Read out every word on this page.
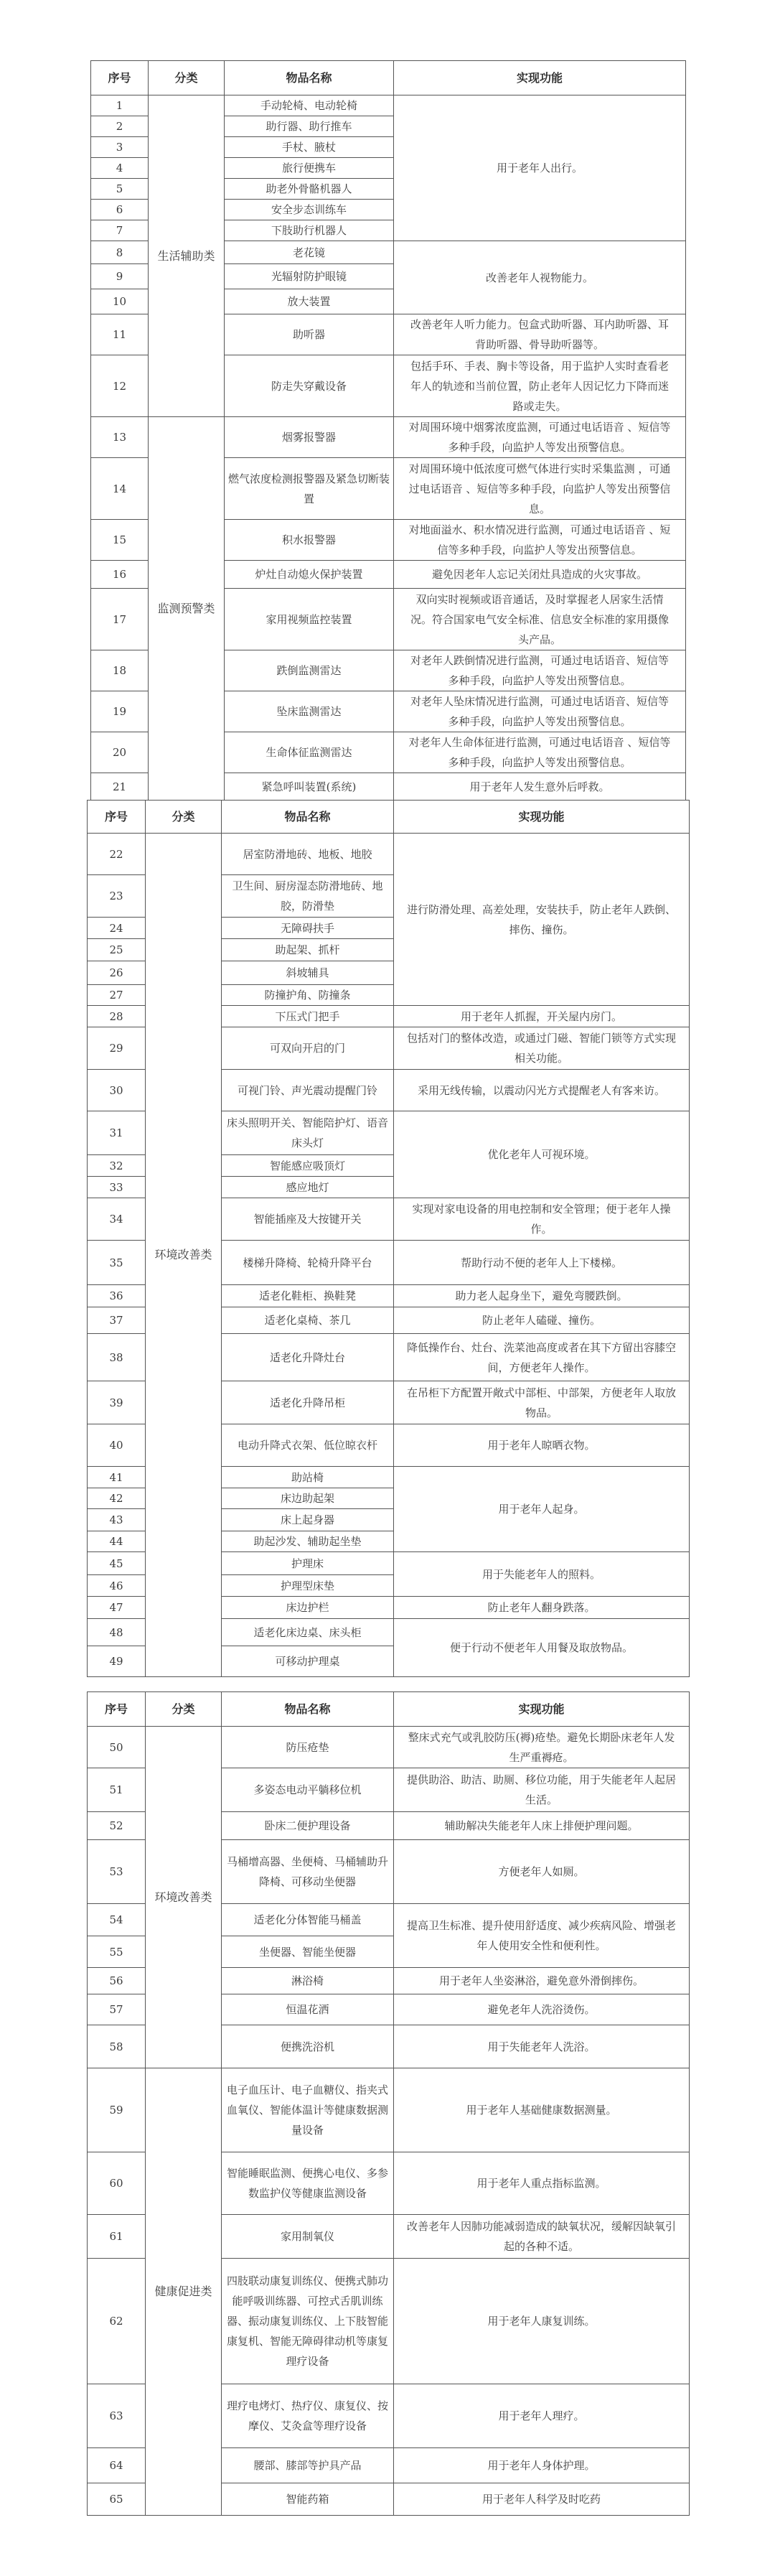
序号	分类	物品名称	实现功能
1	生活辅助类	手动轮椅、电动轮椅	用于老年人出行。
2		助行器、助行推车	
3		手杖、腋杖	
4		旅行便携车	
5		助老外骨骼机器人	
6		安全步态训练车	
7		下肢助行机器人	
8		老花镜	改善老年人视物能力。
9		光辐射防护眼镜	
10		放大装置	
11		助听器	改善老年人听力能力。包盒式助听器、耳内助听器、耳背助听器、骨导助听器等。
12		防走失穿戴设备	包括手环、手表、胸卡等设备，用于监护人实时查看老年人的轨迹和当前位置，防止老年人因记忆力下降而迷路或走失。
13	监测预警类	烟雾报警器	对周围环境中烟雾浓度监测，可通过电话语音 、短信等多种手段，向监护人等发出预警信息。
14		燃气浓度检测报警器及紧急切断装置	对周围环境中低浓度可燃气体进行实时采集监测 ，可通过电话语音 、短信等多种手段，向监护人等发出预警信息。
15		积水报警器	对地面溢水、积水情况进行监测，可通过电话语音 、短信等多种手段，向监护人等发出预警信息。
16		炉灶自动熄火保护装置	避免因老年人忘记关闭灶具造成的火灾事故。
17		家用视频监控装置	双向实时视频或语音通话，及时掌握老人居家生活情况。符合国家电气安全标准、信息安全标准的家用摄像头产品。
18		跌倒监测雷达	对老年人跌倒情况进行监测，可通过电话语音、短信等多种手段，向监护人等发出预警信息。
19		坠床监测雷达	对老年人坠床情况进行监测，可通过电话语音、短信等多种手段，向监护人等发出预警信息。
20		生命体征监测雷达	对老年人生命体征进行监测，可通过电话语音 、短信等多种手段，向监护人等发出预警信息。
21		紧急呼叫装置(系统)	用于老年人发生意外后呼救。
序号	分类	物品名称	实现功能
22	环境改善类	居室防滑地砖、地板、地胶	进行防滑处理、高差处理，安装扶手，防止老年人跌倒、摔伤、撞伤。
23		卫生间、厨房湿态防滑地砖、地胶，防滑垫	
24		无障碍扶手	
25		助起架、抓杆	
26		斜坡辅具	
27		防撞护角、防撞条	
28		下压式门把手	用于老年人抓握，开关屋内房门。
29		可双向开启的门	包括对门的整体改造，或通过门磁、智能门锁等方式实现相关功能。
30		可视门铃、声光震动提醒门铃	采用无线传输，以震动闪光方式提醒老人有客来访。
31		床头照明开关、智能陪护灯、语音床头灯	优化老年人可视环境。
32		智能感应吸顶灯	
33		感应地灯	
34		智能插座及大按键开关	实现对家电设备的用电控制和安全管理；便于老年人操作。
35		楼梯升降椅、轮椅升降平台	帮助行动不便的老年人上下楼梯。
36		适老化鞋柜、换鞋凳	助力老人起身坐下，避免弯腰跌倒。
37		适老化桌椅、茶几	防止老年人磕碰、撞伤。
38		适老化升降灶台	降低操作台、灶台、洗菜池高度或者在其下方留出容膝空间，方便老年人操作。
39		适老化升降吊柜	在吊柜下方配置开敞式中部柜、中部架，方便老年人取放物品。
40		电动升降式衣架、低位晾衣杆	用于老年人晾晒衣物。
41		助站椅	用于老年人起身。
42		床边助起架	
43		床上起身器	
44		助起沙发、辅助起坐垫	
45		护理床	用于失能老年人的照料。
46		护理型床垫	
47		床边护栏	防止老年人翻身跌落。
48		适老化床边桌、床头柜	便于行动不便老年人用餐及取放物品。
49		可移动护理桌	
序号	分类	物品名称	实现功能
50	环境改善类	防压疮垫	整床式充气或乳胶防压(褥)疮垫。避免长期卧床老年人发生严重褥疮。
51		多姿态电动平躺移位机	提供助浴、助洁、助厕、移位功能，用于失能老年人起居生活。
52		卧床二便护理设备	辅助解决失能老年人床上排便护理问题。
53		马桶增高器、坐便椅、马桶辅助升降椅、可移动坐便器	方便老年人如厕。
54		适老化分体智能马桶盖	提高卫生标准、提升使用舒适度、减少疾病风险、增强老年人使用安全性和便利性。
55		坐便器、智能坐便器	
56		淋浴椅	用于老年人坐姿淋浴，避免意外滑倒摔伤。
57		恒温花洒	避免老年人洗浴烫伤。
58		便携洗浴机	用于失能老年人洗浴。
59	健康促进类	电子血压计、电子血糖仪、指夹式血氧仪、智能体温计等健康数据测量设备	用于老年人基础健康数据测量。
60		智能睡眠监测、便携心电仪、多参数监护仪等健康监测设备	用于老年人重点指标监测。
61		家用制氧仪	改善老年人因肺功能减弱造成的缺氧状况，缓解因缺氧引起的各种不适。
62		四肢联动康复训练仪、便携式肺功能呼吸训练器、可控式舌肌训练器、振动康复训练仪、上下肢智能康复机、智能无障碍律动机等康复理疗设备	用于老年人康复训练。
63		理疗电烤灯、热疗仪、康复仪、按摩仪、艾灸盒等理疗设备	用于老年人理疗。
64		腰部、膝部等护具产品	用于老年人身体护理。
65		智能药箱	用于老年人科学及时吃药
